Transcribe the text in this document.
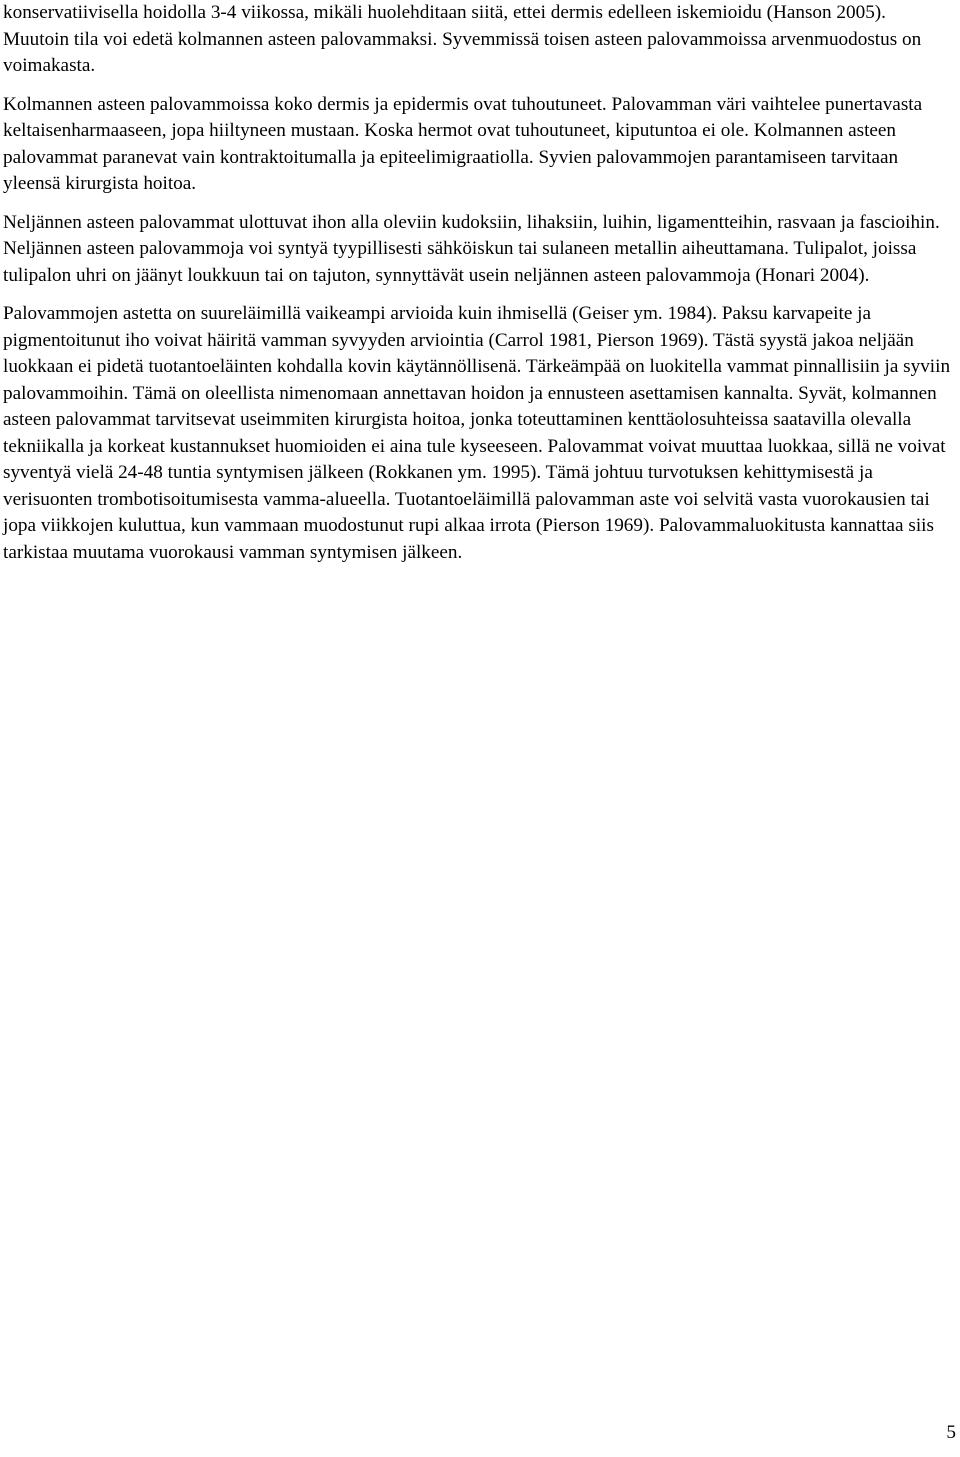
konservatiivisella hoidolla 3-4 viikossa, mikäli huolehditaan siitä, ettei dermis edelleen iskemioidu (Hanson 2005). Muutoin tila voi edetä kolmannen asteen palovammaksi. Syvemmissä toisen asteen palovammoissa arvenmuodostus on voimakasta.

Kolmannen asteen palovammoissa koko dermis ja epidermis ovat tuhoutuneet. Palovamman väri vaihtelee punertavasta keltaisenharmaaseen, jopa hiiltyneen mustaan. Koska hermot ovat tuhoutuneet, kiputuntoa ei ole. Kolmannen asteen palovammat paranevat vain kontraktoitumalla ja epiteelimigraatiolla. Syvien palovammojen parantamiseen tarvitaan yleensä kirurgista hoitoa.

Neljännen asteen palovammat ulottuvat ihon alla oleviin kudoksiin, lihaksiin, luihin, ligamentteihin, rasvaan ja fascioihin. Neljännen asteen palovammoja voi syntyä tyypillisesti sähköiskun tai sulaneen metallin aiheuttamana. Tulipalot, joissa tulipalon uhri on jäänyt loukkuun tai on tajuton, synnyttävät usein neljännen asteen palovammoja (Honari 2004).

Palovammojen astetta on suureläimillä vaikeampi arvioida kuin ihmisellä (Geiser ym. 1984). Paksu karvapeite ja pigmentoitunut iho voivat häiritä vamman syvyyden arviointia (Carrol 1981, Pierson 1969). Tästä syystä jakoa neljään luokkaan ei pidetä tuotantoeläinten kohdalla kovin käytännöllisenä. Tärkeämpää on luokitella vammat pinnallisiin ja syviin palovammoihin. Tämä on oleellista nimenomaan annettavan hoidon ja ennusteen asettamisen kannalta. Syvät, kolmannen asteen palovammat tarvitsevat useimmiten kirurgista hoitoa, jonka toteuttaminen kenttäolosuhteissa saatavilla olevalla tekniikalla ja korkeat kustannukset huomioiden ei aina tule kyseeseen. Palovammat voivat muuttaa luokkaa, sillä ne voivat syventyä vielä 24-48 tuntia syntymisen jälkeen (Rokkanen ym. 1995). Tämä johtuu turvotuksen kehittymisestä ja verisuonten trombotisoitumisesta vamma-alueella. Tuotantoeläimillä palovamman aste voi selvitä vasta vuorokausien tai jopa viikkojen kuluttua, kun vammaan muodostunut rupi alkaa irrota (Pierson 1969). Palovammaluokitusta kannattaa siis tarkistaa muutama vuorokausi vamman syntymisen jälkeen.

5
